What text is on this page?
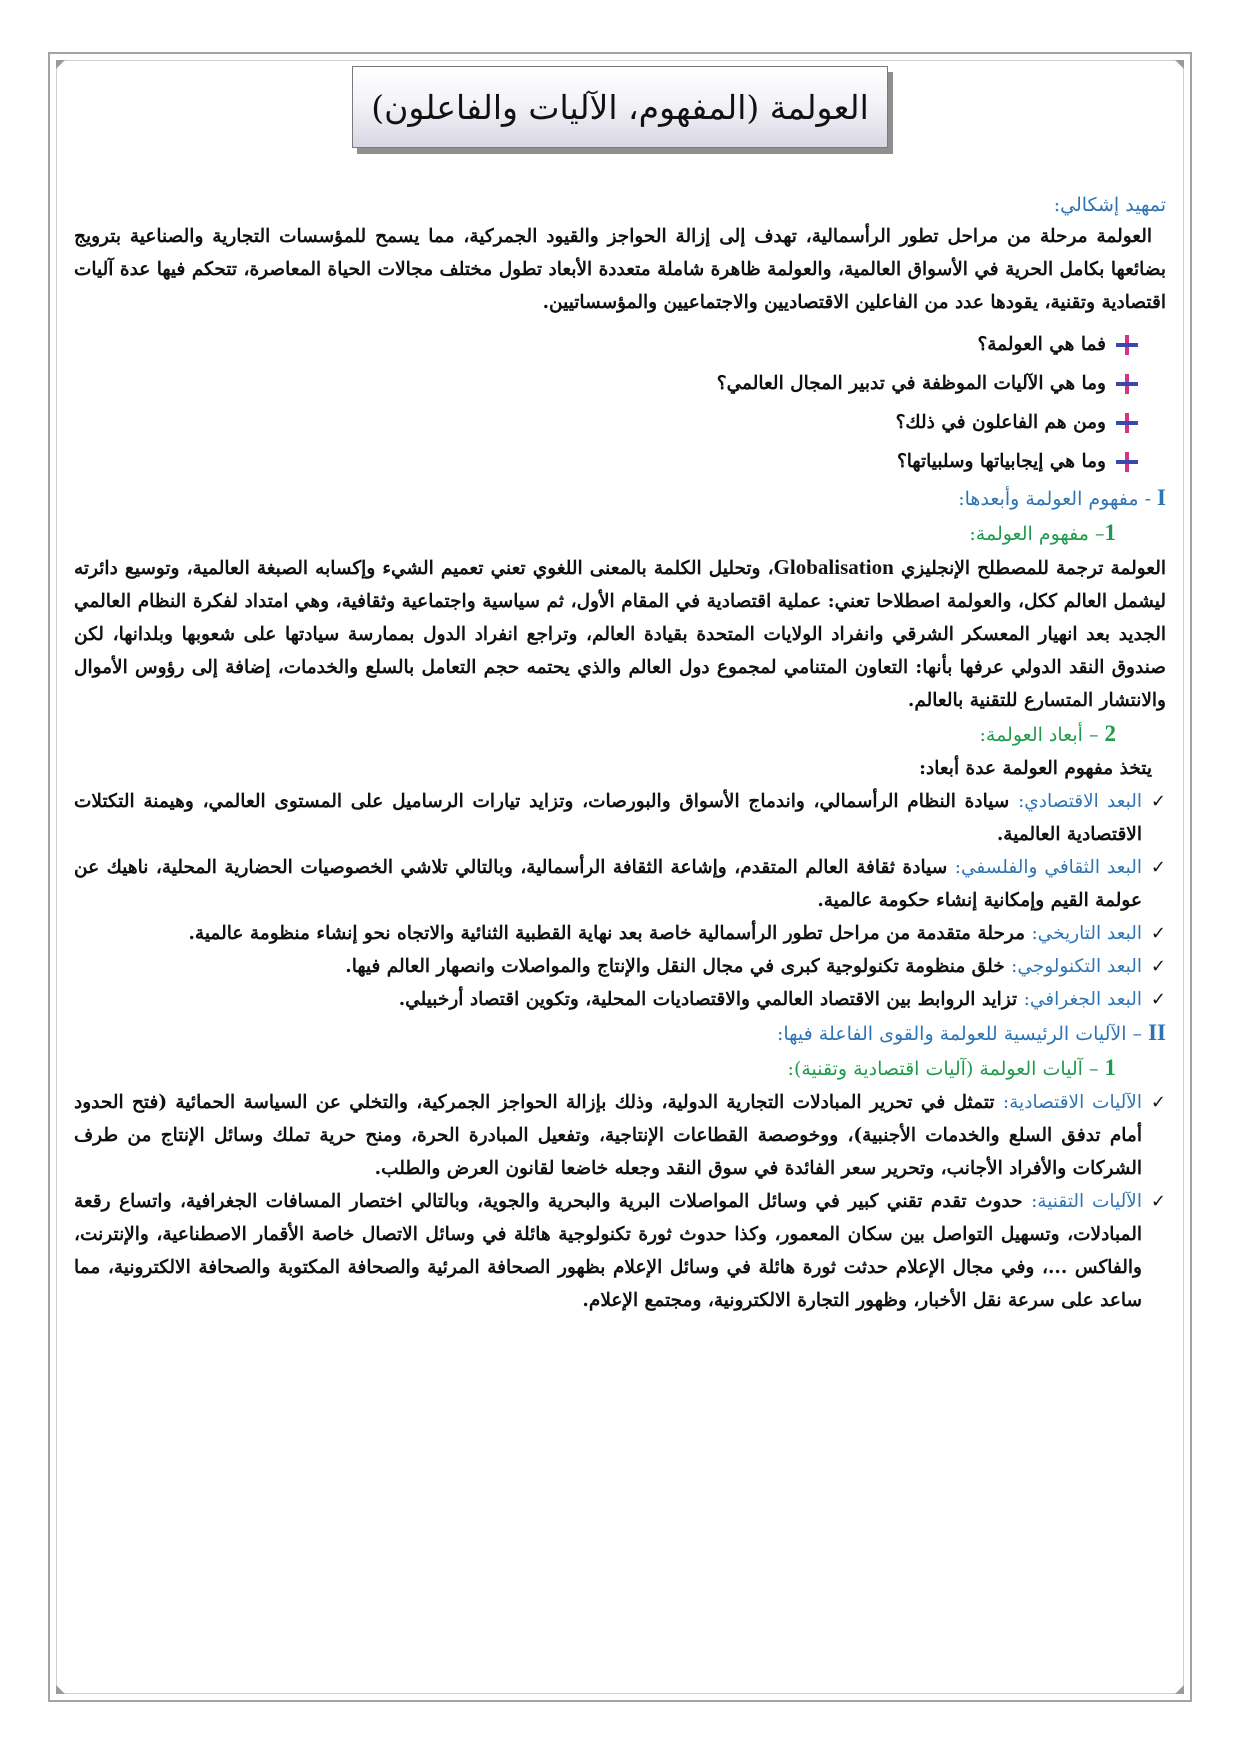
العولمة (المفهوم، الآليات والفاعلون)

تمهيد إشكالي:

العولمة مرحلة من مراحل تطور الرأسمالية، تهدف إلى إزالة الحواجز والقيود الجمركية، مما يسمح للمؤسسات التجارية والصناعية بترويج بضائعها بكامل الحرية في الأسواق العالمية، والعولمة ظاهرة شاملة متعددة الأبعاد تطول مختلف مجالات الحياة المعاصرة، تتحكم فيها عدة آليات اقتصادية وتقنية، يقودها عدد من الفاعلين الاقتصاديين والاجتماعيين والمؤسساتيين.

فما هي العولمة؟
وما هي الآليات الموظفة في تدبير المجال العالمي؟
ومن هم الفاعلون في ذلك؟
وما هي إيجابياتها وسلبياتها؟

I - مفهوم العولمة وأبعدها:

1– مفهوم العولمة:

العولمة ترجمة للمصطلح الإنجليزي Globalisation، وتحليل الكلمة بالمعنى اللغوي تعني تعميم الشيء وإكسابه الصبغة العالمية، وتوسيع دائرته ليشمل العالم ككل، والعولمة اصطلاحا تعني: عملية اقتصادية في المقام الأول، ثم سياسية واجتماعية وثقافية، وهي امتداد لفكرة النظام العالمي الجديد بعد انهيار المعسكر الشرقي وانفراد الولايات المتحدة بقيادة العالم، وتراجع انفراد الدول بممارسة سيادتها على شعوبها وبلدانها، لكن صندوق النقد الدولي عرفها بأنها: التعاون المتنامي لمجموع دول العالم والذي يحتمه حجم التعامل بالسلع والخدمات، إضافة إلى رؤوس الأموال والانتشار المتسارع للتقنية بالعالم.

2 – أبعاد العولمة:

يتخذ مفهوم العولمة عدة أبعاد:

✓
البعد الاقتصادي: سيادة النظام الرأسمالي، واندماج الأسواق والبورصات، وتزايد تيارات الرساميل على المستوى العالمي، وهيمنة التكتلات الاقتصادية العالمية.
✓
البعد الثقافي والفلسفي: سيادة ثقافة العالم المتقدم، وإشاعة الثقافة الرأسمالية، وبالتالي تلاشي الخصوصيات الحضارية المحلية، ناهيك عن عولمة القيم وإمكانية إنشاء حكومة عالمية.
✓
البعد التاريخي: مرحلة متقدمة من مراحل تطور الرأسمالية خاصة بعد نهاية القطبية الثنائية والاتجاه نحو إنشاء منظومة عالمية.
✓
البعد التكنولوجي: خلق منظومة تكنولوجية كبرى في مجال النقل والإنتاج والمواصلات وانصهار العالم فيها.
✓
البعد الجغرافي: تزايد الروابط بين الاقتصاد العالمي والاقتصاديات المحلية، وتكوين اقتصاد أرخبيلي.

II – الآليات الرئيسية للعولمة والقوى الفاعلة فيها:

1 – آليات العولمة (آليات اقتصادية وتقنية):

✓
الآليات الاقتصادية: تتمثل في تحرير المبادلات التجارية الدولية، وذلك بإزالة الحواجز الجمركية، والتخلي عن السياسة الحمائية (فتح الحدود أمام تدفق السلع والخدمات الأجنبية)، ووخوصصة القطاعات الإنتاجية، وتفعيل المبادرة الحرة، ومنح حرية تملك وسائل الإنتاج من طرف الشركات والأفراد الأجانب، وتحرير سعر الفائدة في سوق النقد وجعله خاضعا لقانون العرض والطلب.
✓
الآليات التقنية: حدوث تقدم تقني كبير في وسائل المواصلات البرية والبحرية والجوية، وبالتالي اختصار المسافات الجغرافية، واتساع رقعة المبادلات، وتسهيل التواصل بين سكان المعمور، وكذا حدوث ثورة تكنولوجية هائلة في وسائل الاتصال خاصة الأقمار الاصطناعية، والإنترنت، والفاكس ...، وفي مجال الإعلام حدثت ثورة هائلة في وسائل الإعلام بظهور الصحافة المرئية والصحافة المكتوبة والصحافة الالكترونية، مما ساعد على سرعة نقل الأخبار، وظهور التجارة الالكترونية، ومجتمع الإعلام.
